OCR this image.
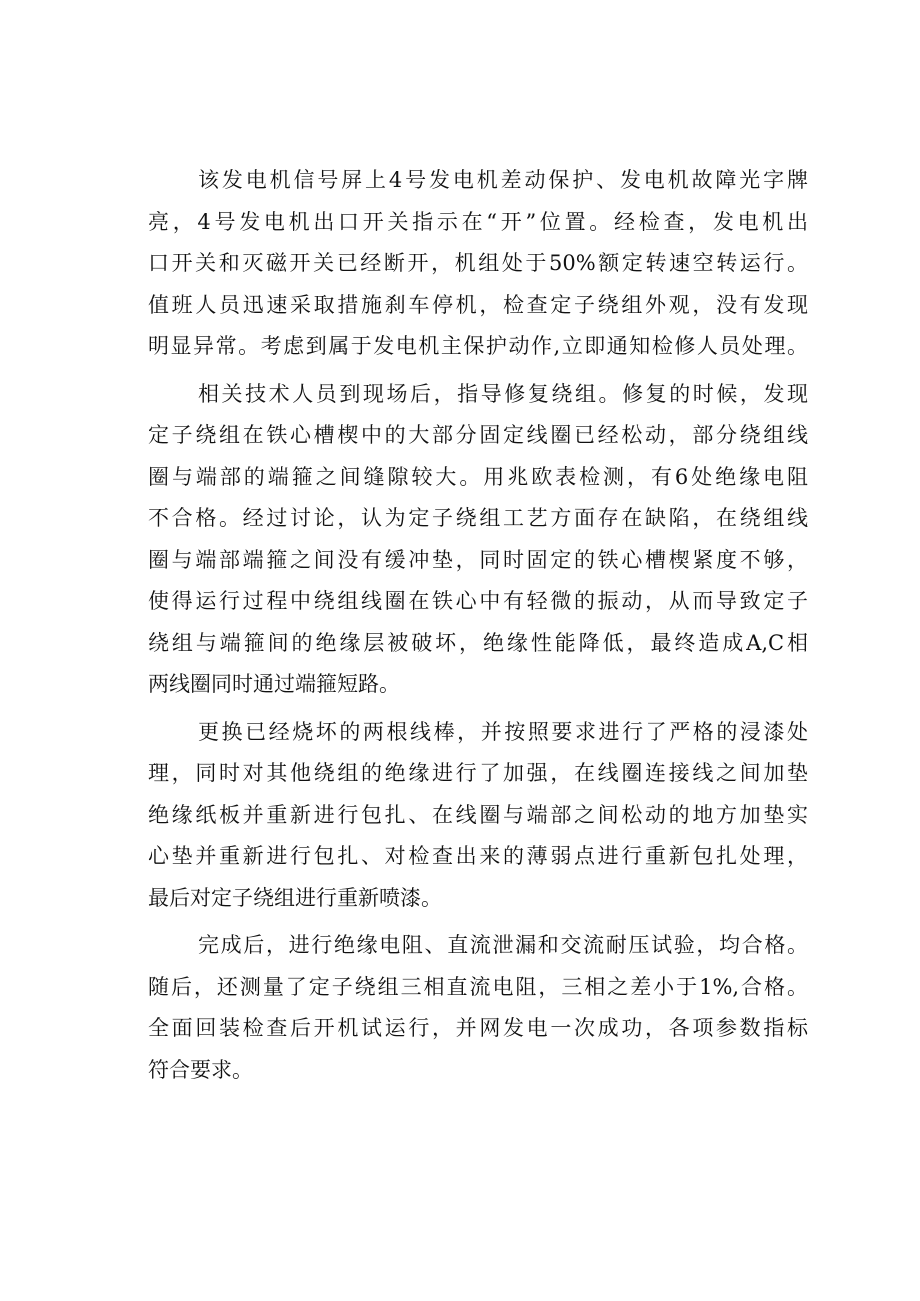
该发电机信号屏上4号发电机差动保护、发电机故障光字牌
亮，4号发电机出口开关指示在“开”位置。经检查，发电机出
口开关和灭磁开关已经断开，机组处于50%额定转速空转运行。
值班人员迅速采取措施刹车停机，检查定子绕组外观，没有发现
明显异常。考虑到属于发电机主保护动作,立即通知检修人员处理。
相关技术人员到现场后，指导修复绕组。修复的时候，发现
定子绕组在铁心槽楔中的大部分固定线圈已经松动，部分绕组线
圈与端部的端箍之间缝隙较大。用兆欧表检测，有6处绝缘电阻
不合格。经过讨论，认为定子绕组工艺方面存在缺陷，在绕组线
圈与端部端箍之间没有缓冲垫，同时固定的铁心槽楔紧度不够，
使得运行过程中绕组线圈在铁心中有轻微的振动，从而导致定子
绕组与端箍间的绝缘层被破坏，绝缘性能降低，最终造成A,C相
两线圈同时通过端箍短路。
更换已经烧坏的两根线棒，并按照要求进行了严格的浸漆处
理，同时对其他绕组的绝缘进行了加强，在线圈连接线之间加垫
绝缘纸板并重新进行包扎、在线圈与端部之间松动的地方加垫实
心垫并重新进行包扎、对检查出来的薄弱点进行重新包扎处理，
最后对定子绕组进行重新喷漆。
完成后，进行绝缘电阻、直流泄漏和交流耐压试验，均合格。
随后，还测量了定子绕组三相直流电阻，三相之差小于1%,合格。
全面回装检查后开机试运行，并网发电一次成功，各项参数指标
符合要求。
